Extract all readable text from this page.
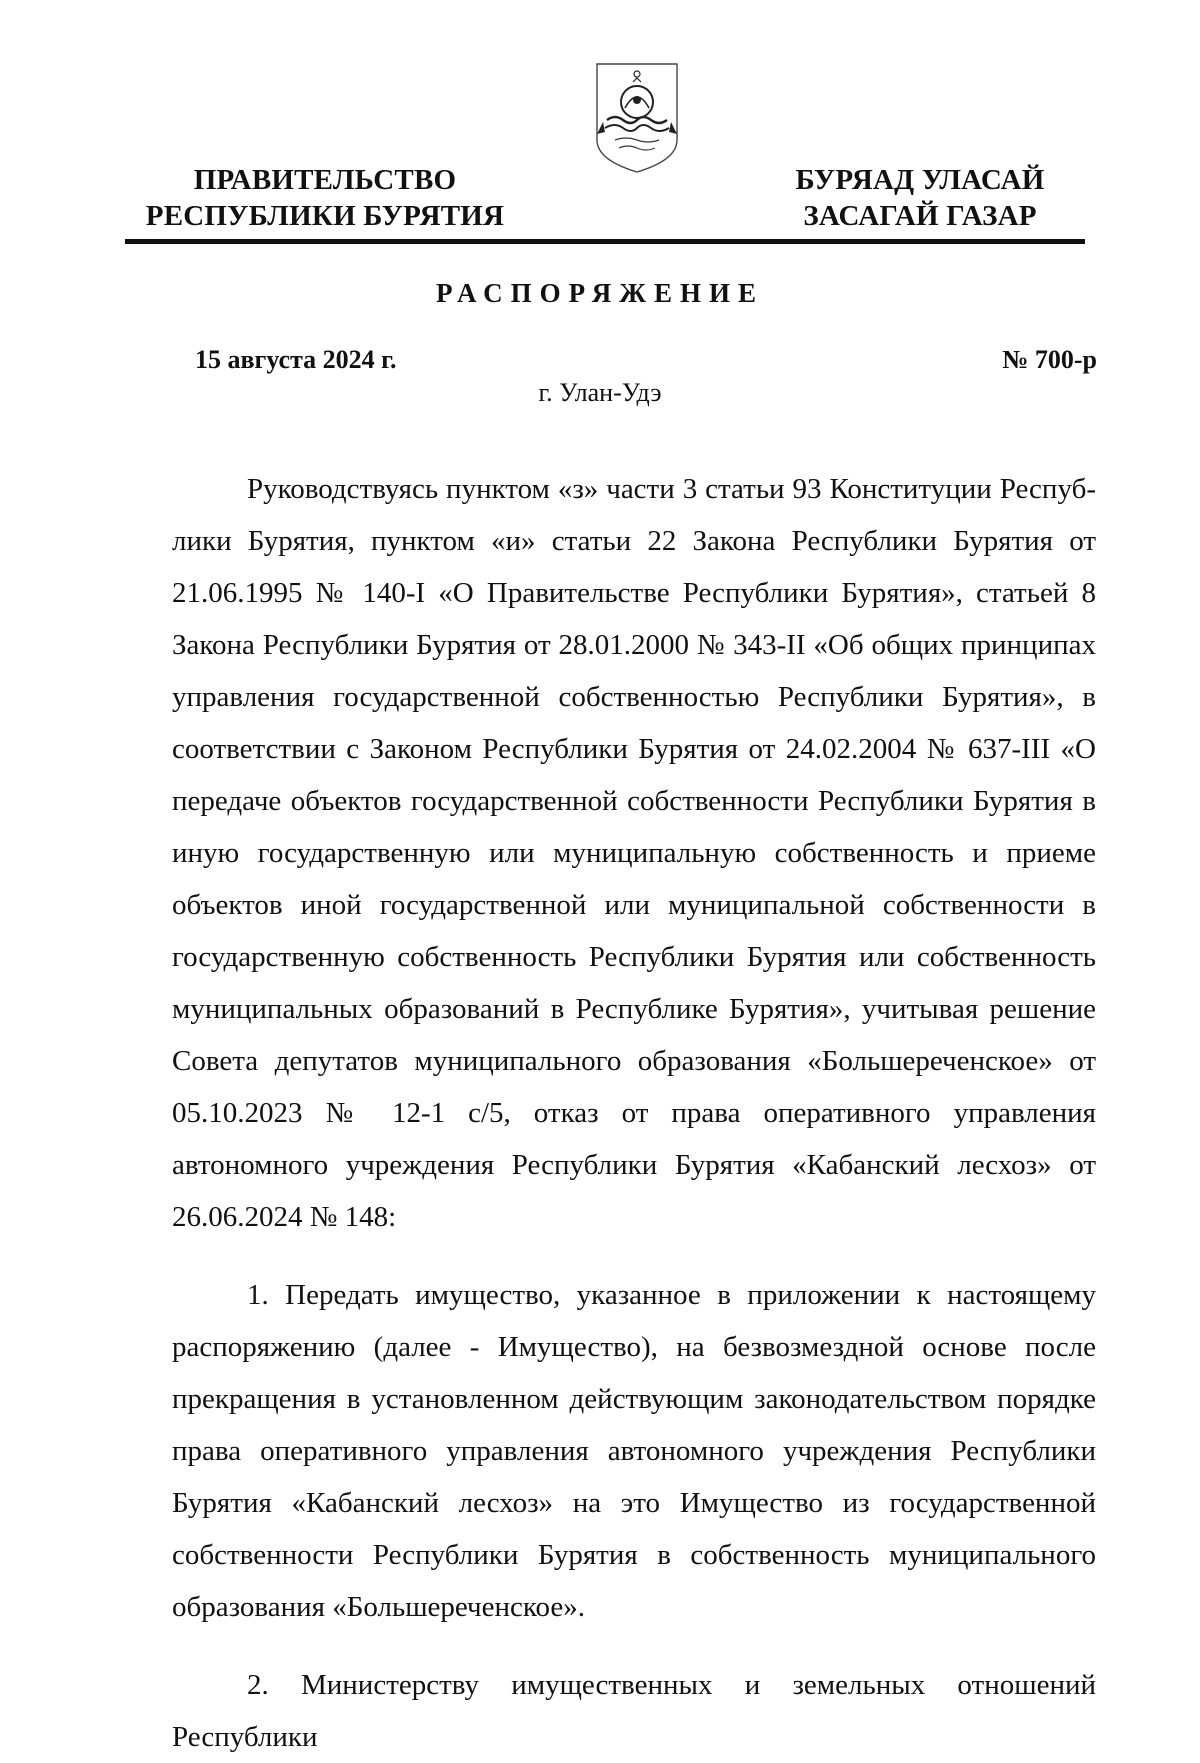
ПРАВИТЕЛЬСТВО
РЕСПУБЛИКИ БУРЯТИЯ
БУРЯАД УЛАСАЙ
ЗАСАГАЙ ГАЗАР
РАСПОРЯЖЕНИЕ
15 августа 2024 г.	№ 700-р
г. Улан-Удэ

Руководствуясь пунктом «з» части 3 статьи 93 Конституции Республики Бурятия, пунктом «и» статьи 22 Закона Республики Бурятия от 21.06.1995 № 140-I «О Правительстве Республики Бурятия», статьей 8 Закона Республики Бурятия от 28.01.2000 № 343-II «Об общих принципах управления государственной собственностью Республики Бурятия», в соответствии с Законом Республики Бурятия от 24.02.2004 № 637-III «О передаче объектов государственной собственности Республики Бурятия в иную государственную или муниципальную собственность и приеме объектов иной государственной или муниципальной собственности в государственную собственность Республики Бурятия или собственность муниципальных образований в Республике Бурятия», учитывая решение Совета депутатов муниципального образования «Большереченское» от 05.10.2023 № 12-1 с/5, отказ от права оперативного управления автономного учреждения Республики Бурятия «Кабанский лесхоз» от 26.06.2024 № 148:

1. Передать имущество, указанное в приложении к настоящему распоряжению (далее - Имущество), на безвозмездной основе после прекращения в установленном действующим законодательством порядке права оперативного управления автономного учреждения Республики Бурятия «Кабанский лесхоз» на это Имущество из государственной собственности Республики Бурятия в собственность муниципального образования «Большереченское».

2. Министерству имущественных и земельных отношений Республики
